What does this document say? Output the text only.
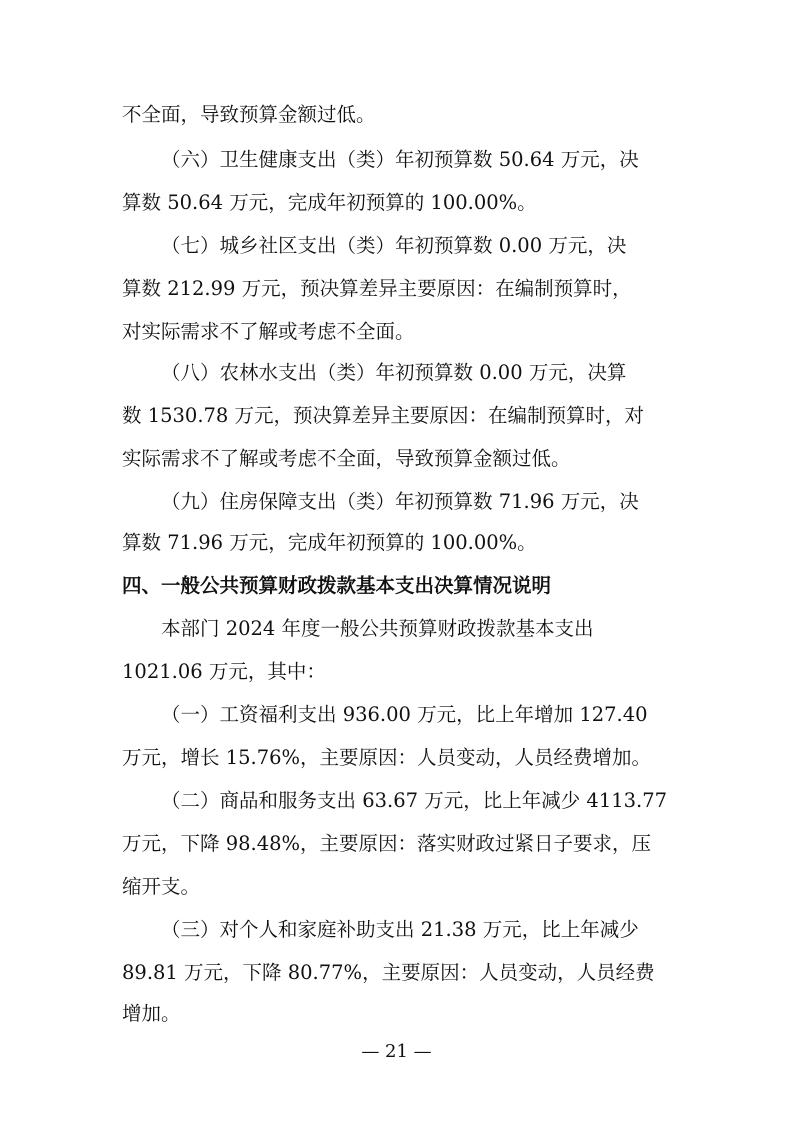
不全面，导致预算金额过低。
（六）卫生健康支出（类）年初预算数 50.64 万元，决
算数 50.64 万元，完成年初预算的 100.00%。
（七）城乡社区支出（类）年初预算数 0.00 万元，决
算数 212.99 万元，预决算差异主要原因：在编制预算时，
对实际需求不了解或考虑不全面。
（八）农林水支出（类）年初预算数 0.00 万元，决算
数 1530.78 万元，预决算差异主要原因：在编制预算时，对
实际需求不了解或考虑不全面，导致预算金额过低。
（九）住房保障支出（类）年初预算数 71.96 万元，决
算数 71.96 万元，完成年初预算的 100.00%。
四、一般公共预算财政拨款基本支出决算情况说明
本部门 2024 年度一般公共预算财政拨款基本支出
1021.06 万元，其中：
（一）工资福利支出 936.00 万元，比上年增加 127.40
万元，增长 15.76%，主要原因：人员变动，人员经费增加。
（二）商品和服务支出 63.67 万元，比上年减少 4113.77
万元，下降 98.48%，主要原因：落实财政过紧日子要求，压
缩开支。
（三）对个人和家庭补助支出 21.38 万元，比上年减少
89.81 万元，下降 80.77%，主要原因：人员变动，人员经费
增加。
— 21 —
